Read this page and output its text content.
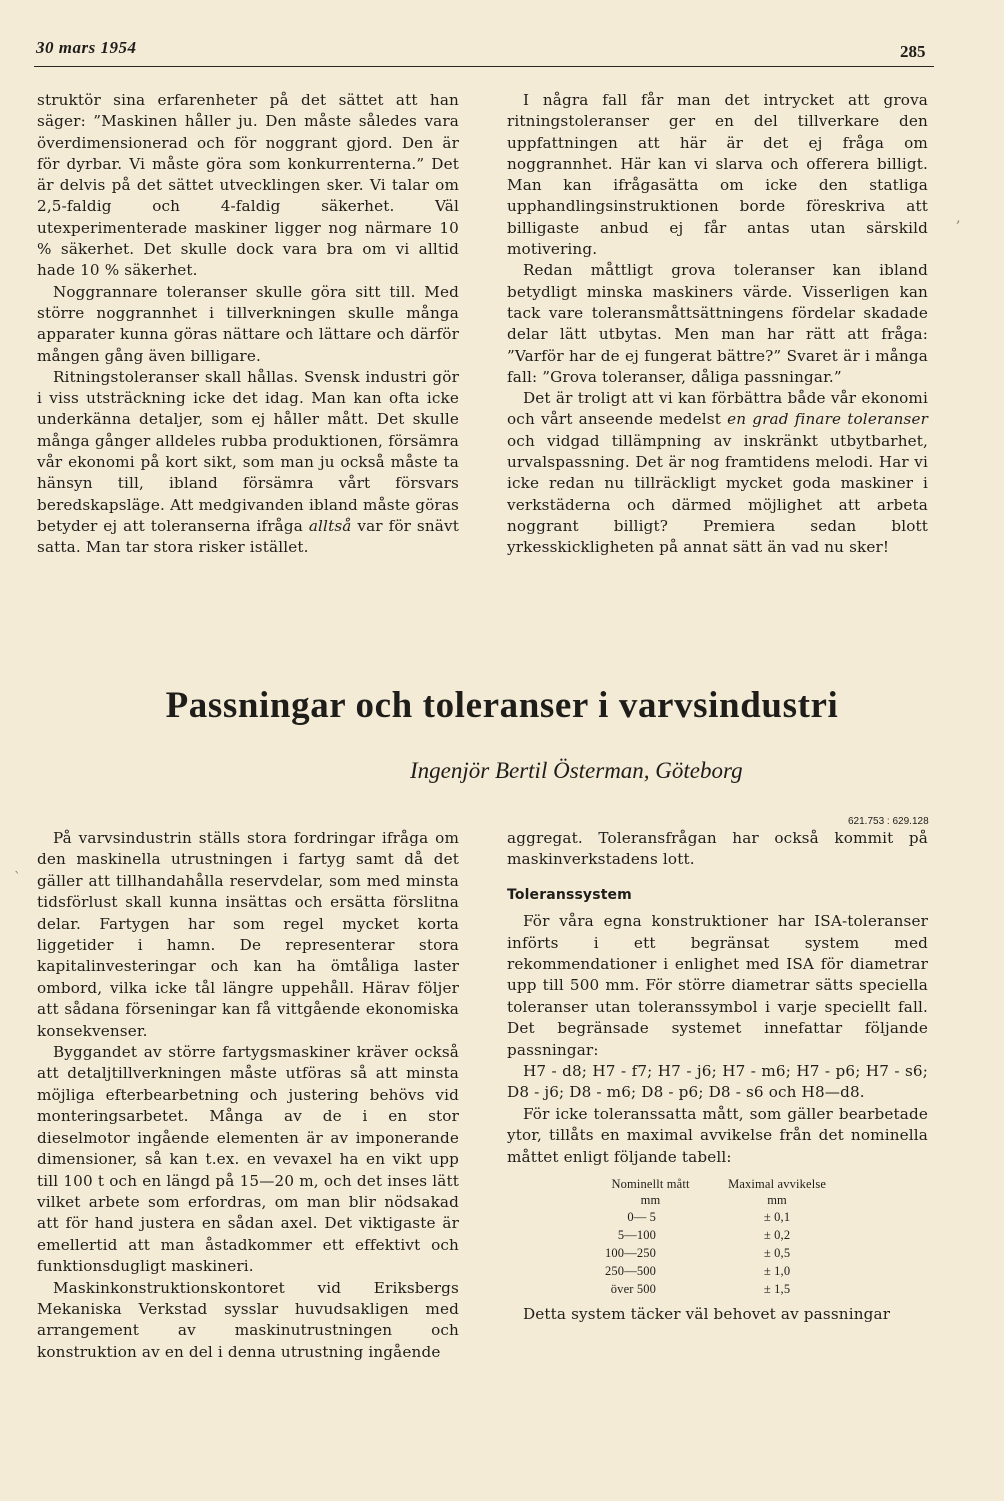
30 mars 1954	285

struktör sina erfarenheter på det sättet att han säger: ”Maskinen håller ju. Den måste således vara överdimensionerad och för noggrant gjord. Den är för dyrbar. Vi måste göra som konkurrenterna.” Det är delvis på det sättet utvecklingen sker. Vi talar om 2,5-faldig och 4-faldig säkerhet. Väl utexperimenterade maskiner ligger nog närmare 10 % säkerhet. Det skulle dock vara bra om vi alltid hade 10 % säkerhet.

Noggrannare toleranser skulle göra sitt till. Med större noggrannhet i tillverkningen skulle många apparater kunna göras nättare och lättare och därför mången gång även billigare.

Ritningstoleranser skall hållas. Svensk industri gör i viss utsträckning icke det idag. Man kan ofta icke underkänna detaljer, som ej håller mått. Det skulle många gånger alldeles rubba produktionen, försämra vår ekonomi på kort sikt, som man ju också måste ta hänsyn till, ibland försämra vårt försvars beredskapsläge. Att medgivanden ibland måste göras betyder ej att toleranserna ifråga alltså var för snävt satta. Man tar stora risker istället.

I några fall får man det intrycket att grova ritningstoleranser ger en del tillverkare den uppfattningen att här är det ej fråga om noggrannhet. Här kan vi slarva och offerera billigt. Man kan ifrågasätta om icke den statliga upphandlingsinstruktionen borde föreskriva att billigaste anbud ej får antas utan särskild motivering.

Redan måttligt grova toleranser kan ibland betydligt minska maskiners värde. Visserligen kan tack vare toleransmåttsättningens fördelar skadade delar lätt utbytas. Men man har rätt att fråga: ”Varför har de ej fungerat bättre?” Svaret är i många fall: ”Grova toleranser, dåliga passningar.”

Det är troligt att vi kan förbättra både vår ekonomi och vårt anseende medelst en grad finare toleranser och vidgad tillämpning av inskränkt utbytbarhet, urvalspassning. Det är nog framtidens melodi. Har vi icke redan nu tillräckligt mycket goda maskiner i verkstäderna och därmed möjlighet att arbeta noggrant billigt? Premiera sedan blott yrkesskickligheten på annat sätt än vad nu sker!

‚
`
Passningar och toleranser i varvsindustri
Ingenjör Bertil Österman, Göteborg
621.753 : 629.128

På varvsindustrin ställs stora fordringar ifråga om den maskinella utrustningen i fartyg samt då det gäller att tillhandahålla reservdelar, som med minsta tidsförlust skall kunna insättas och ersätta förslitna delar. Fartygen har som regel mycket korta liggetider i hamn. De representerar stora kapitalinvesteringar och kan ha ömtåliga laster ombord, vilka icke tål längre uppehåll. Härav följer att sådana förseningar kan få vittgående ekonomiska konsekvenser.

Byggandet av större fartygsmaskiner kräver också att detaljtillverkningen måste utföras så att minsta möjliga efterbearbetning och justering behövs vid monteringsarbetet. Många av de i en stor dieselmotor ingående elementen är av imponerande dimensioner, så kan t.ex. en vevaxel ha en vikt upp till 100 t och en längd på 15—20 m, och det inses lätt vilket arbete som erfordras, om man blir nödsakad att för hand justera en sådan axel. Det viktigaste är emellertid att man åstadkommer ett effektivt och funktionsdugligt maskineri.

Maskinkonstruktionskontoret vid Eriksbergs Mekaniska Verkstad sysslar huvudsakligen med arrangement av maskinutrustningen och konstruktion av en del i denna utrustning ingående

aggregat. Toleransfrågan har också kommit på maskinverkstadens lott.

Toleranssystem

För våra egna konstruktioner har ISA-toleranser införts i ett begränsat system med rekommendationer i enlighet med ISA för diametrar upp till 500 mm. För större diametrar sätts speciella toleranser utan toleranssymbol i varje speciellt fall. Det begränsade systemet innefattar följande passningar:

H7 - d8; H7 - f7; H7 - j6; H7 - m6; H7 - p6; H7 - s6; D8 - j6; D8 - m6; D8 - p6; D8 - s6 och H8—d8.

För icke toleranssatta mått, som gäller bearbetade ytor, tillåts en maximal avvikelse från det nominella måttet enligt följande tabell:

Nominellt mått	Maximal avvikelse
mm	mm
0— 5	± 0,1
5—100	± 0,2
100—250	± 0,5
250—500	± 1,0
över 500	± 1,5

Detta system täcker väl behovet av passningar
